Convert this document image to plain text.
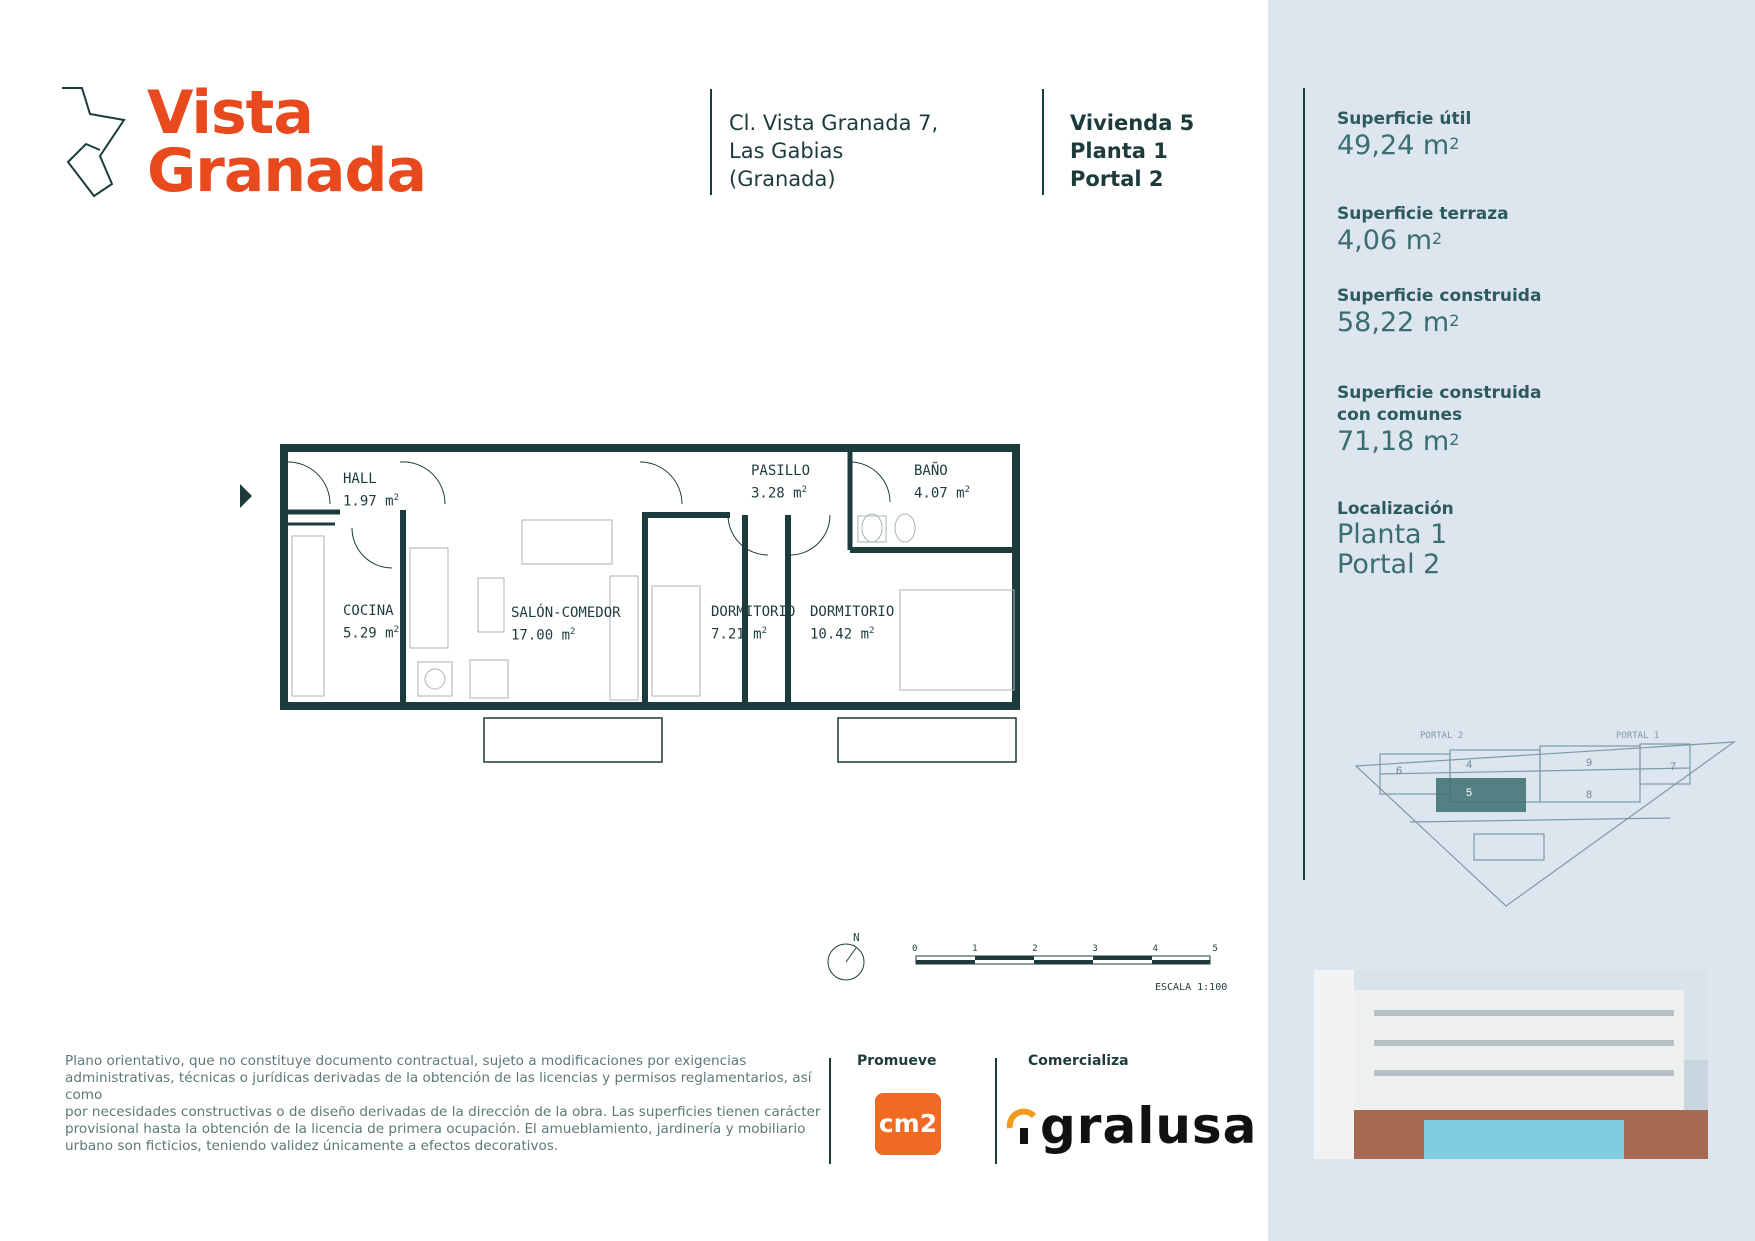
Vista
Granada
Cl. Vista Granada 7,
Las Gabias
(Granada)
Vivienda 5
Planta 1
Portal 2
Superficie útil
49,24 $m^2$
Superficie terraza
4,06 $m^2$
Superficie construida
58,22 $m^2$
Superficie construida con comunes
71,18 $m^2$
Localización
Planta 1
Portal 2
PORTAL 2	PORTAL 1
6	4
5
9
8
7
HALL
1.97 $m^2$
COCINA
5.29 $m^2$
SALÓN-COMEDOR
17.00 $m^2$
PASILLO
3.28 $m^2$
DORMITORIO
7.21 $m^2$
DORMITORIO
10.42 $m^2$
BAÑO
4.07 $m^2$
N
0	1	2	3	4	5
ESCALA 1:100
Plano orientativo, que no constituye documento contractual, sujeto a modificaciones por exigencias
administrativas, técnicas o jurídicas derivadas de la obtención de las licencias y permisos reglamentarios, así como
por necesidades constructivas o de diseño derivadas de la dirección de la obra. Las superficies tienen carácter
provisional hasta la obtención de la licencia de primera ocupación. El amueblamiento, jardinería y mobiliario
urbano son ficticios, teniendo validez únicamente a efectos decorativos.
Promueve
cm2
Comercializa
gralusa
